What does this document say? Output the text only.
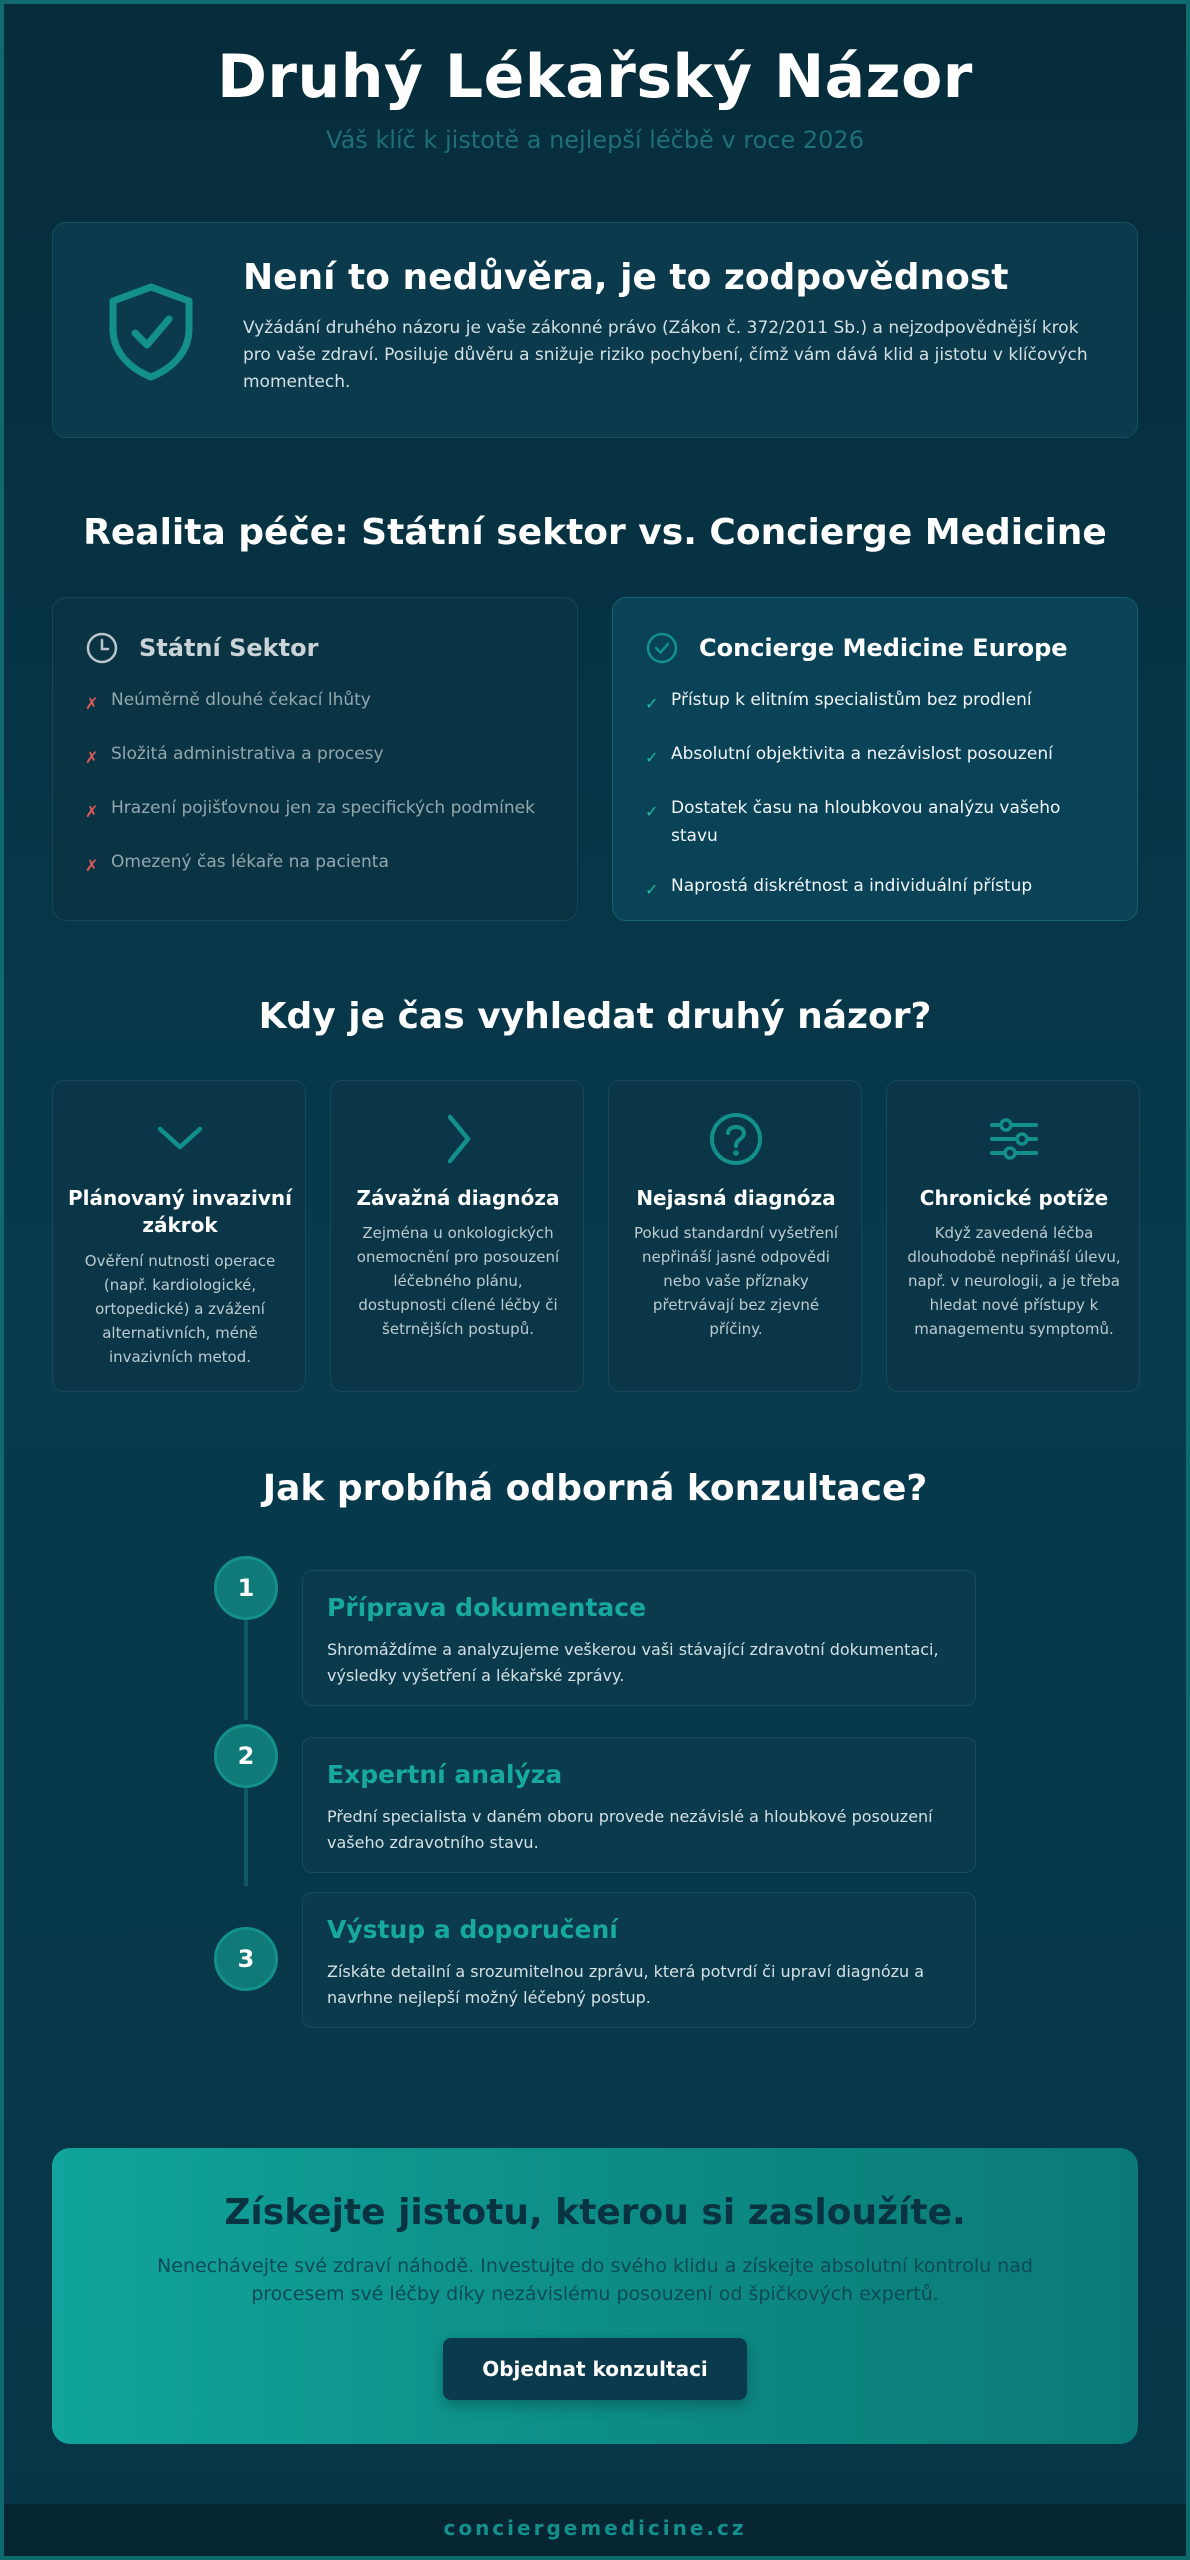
Druhý Lékařský Názor
Váš klíč k jistotě a nejlepší léčbě v roce 2026
Není to nedůvěra, je to zodpovědnost

Vyžádání druhého názoru je vaše zákonné právo (Zákon č. 372/2011 Sb.) a nejzodpovědnější krok pro vaše zdraví. Posiluje důvěru a snižuje riziko pochybení, čímž vám dává klid a jistotu v klíčových momentech.

Realita péče: Státní sektor vs. Concierge Medicine
Státní Sektor
✗ Neúměrně dlouhé čekací lhůty
✗ Složitá administrativa a procesy
✗ Hrazení pojišťovnou jen za specifických podmínek
✗ Omezený čas lékaře na pacienta
Concierge Medicine Europe
✓ Přístup k elitním specialistům bez prodlení
✓ Absolutní objektivita a nezávislost posouzení
✓ Dostatek času na hloubkovou analýzu vašeho stavu
✓ Naprostá diskrétnost a individuální přístup
Kdy je čas vyhledat druhý názor?
Plánovaný invazivní zákrok
Ověření nutnosti operace (např. kardiologické, ortopedické) a zvážení alternativních, méně invazivních metod.
Závažná diagnóza
Zejména u onkologických onemocnění pro posouzení léčebného plánu, dostupnosti cílené léčby či šetrnějších postupů.
Nejasná diagnóza
Pokud standardní vyšetření nepřináší jasné odpovědi nebo vaše příznaky přetrvávají bez zjevné příčiny.
Chronické potíže
Když zavedená léčba dlouhodobě nepřináší úlevu, např. v neurologii, a je třeba hledat nové přístupy k managementu symptomů.
Jak probíhá odborná konzultace?
1
Příprava dokumentace
Shromáždíme a analyzujeme veškerou vaši stávající zdravotní dokumentaci, výsledky vyšetření a lékařské zprávy.
2
Expertní analýza
Přední specialista v daném oboru provede nezávislé a hloubkové posouzení vašeho zdravotního stavu.
3
Výstup a doporučení
Získáte detailní a srozumitelnou zprávu, která potvrdí či upraví diagnózu a navrhne nejlepší možný léčebný postup.
Získejte jistotu, kterou si zasloužíte.

Nenechávejte své zdraví náhodě. Investujte do svého klidu a získejte absolutní kontrolu nad procesem své léčby díky nezávislému posouzení od špičkových expertů.

Objednat konzultaci
conciergemedicine.cz
